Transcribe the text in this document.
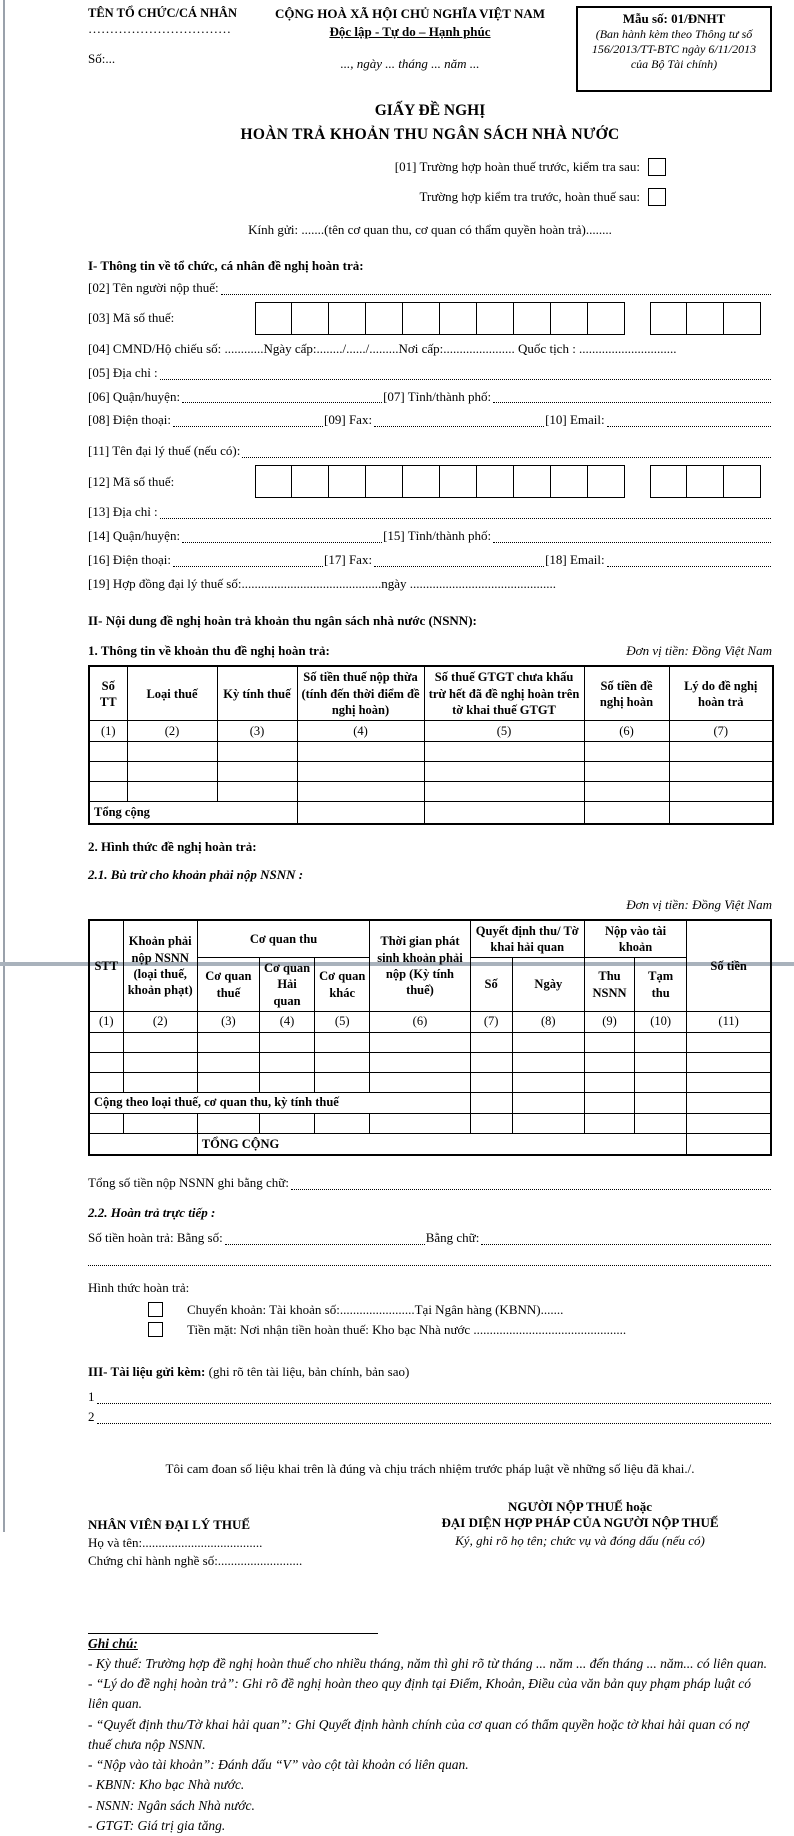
TÊN TỔ CHỨC/CÁ NHÂN
……………………………
Số:...
CỘNG HOÀ XÃ HỘI CHỦ NGHĨA VIỆT NAM
Độc lập - Tự do – Hạnh phúc
..., ngày ... tháng ... năm ...
Mẫu số: 01/ĐNHT
(Ban hành kèm theo Thông tư số 156/2013/TT-BTC ngày 6/11/2013 của Bộ Tài chính)
GIẤY ĐỀ NGHỊ
HOÀN TRẢ KHOẢN THU NGÂN SÁCH NHÀ NƯỚC
[01] Trường hợp hoàn thuế trước, kiểm tra sau:
Trường hợp kiểm tra trước, hoàn thuế sau:
Kính gửi: .......(tên cơ quan thu, cơ quan có thẩm quyền hoàn trả)........
I- Thông tin về tổ chức, cá nhân đề nghị hoàn trả:
[02] Tên người nộp thuế:
[03] Mã số thuế:
[04] CMND/Hộ chiếu số: ............Ngày cấp:......../....../.........Nơi cấp:...................... Quốc tịch : ..............................
[05] Địa chỉ :
[06] Quận/huyện:	[07] Tỉnh/thành phố:
[08] Điện thoại:	[09] Fax:	[10] Email:
[11] Tên đại lý thuế (nếu có):
[12] Mã số thuế:
[13] Địa chỉ :
[14] Quận/huyện:	[15] Tỉnh/thành phố:
[16] Điện thoại:	[17] Fax:	[18] Email:
[19] Hợp đồng đại lý thuế số:...........................................ngày .............................................
II- Nội dung đề nghị hoàn trả khoản thu ngân sách nhà nước (NSNN):
1. Thông tin về khoản thu đề nghị hoàn trả:	Đơn vị tiền: Đồng Việt Nam
Số TT	Loại thuế	Kỳ tính thuế	Số tiền thuế nộp thừa (tính đến thời điểm đề nghị hoàn)	Số thuế GTGT chưa khấu trừ hết đã đề nghị hoàn trên tờ khai thuế GTGT	Số tiền đề nghị hoàn	Lý do đề nghị hoàn trả
(1)	(2)	(3)	(4)	(5)	(6)	(7)

Tổng cộng						
2. Hình thức đề nghị hoàn trả:
2.1. Bù trừ cho khoản phải nộp NSNN :
Đơn vị tiền: Đồng Việt Nam
STT	Khoản phải nộp NSNN (loại thuế, khoản phạt)	Cơ quan thu			Thời gian phát sinh khoản phải nộp (Kỳ tính thuế)	Quyết định thu/ Tờ khai hải quan		Nộp vào tài khoản		Số tiền
		Cơ quan thuế	Cơ quan Hải quan	Cơ quan khác		Số	Ngày	Thu NSNN	Tạm thu	
(1)	(2)	(3)	(4)	(5)	(6)	(7)	(8)	(9)	(10)	(11)

Cộng theo loại thuế, cơ quan thu, kỳ tính thuế										

		TỔNG CỘNG								
Tổng số tiền nộp NSNN ghi bằng chữ:
2.2. Hoàn trả trực tiếp :
Số tiền hoàn trả: Bằng số:	Bằng chữ:
Hình thức hoàn trả:
Chuyển khoản: Tài khoản số:.......................Tại Ngân hàng (KBNN).......
Tiền mặt: Nơi nhận tiền hoàn thuế: Kho bạc Nhà nước ...............................................
III- Tài liệu gửi kèm: (ghi rõ tên tài liệu, bản chính, bản sao)
1
2
Tôi cam đoan số liệu khai trên là đúng và chịu trách nhiệm trước pháp luật về những số liệu đã khai./.
NHÂN VIÊN ĐẠI LÝ THUẾ
Họ và tên:.....................................
Chứng chỉ hành nghề số:..........................
NGƯỜI NỘP THUẾ hoặc
ĐẠI DIỆN HỢP PHÁP CỦA NGƯỜI NỘP THUẾ
Ký, ghi rõ họ tên; chức vụ và đóng dấu (nếu có)

Ghi chú:

- Kỳ thuế: Trường hợp đề nghị hoàn thuế cho nhiều tháng, năm thì ghi rõ từ tháng ... năm ... đến tháng ... năm... có liên quan.

- “Lý do đề nghị hoàn trả”: Ghi rõ đề nghị hoàn theo quy định tại Điểm, Khoản, Điều của văn bản quy phạm pháp luật có liên quan.

- “Quyết định thu/Tờ khai hải quan”: Ghi Quyết định hành chính của cơ quan có thẩm quyền hoặc tờ khai hải quan có nợ thuế chưa nộp NSNN.

- “Nộp vào tài khoản”: Đánh dấu “V” vào cột tài khoản có liên quan.

- KBNN: Kho bạc Nhà nước.

- NSNN: Ngân sách Nhà nước.

- GTGT: Giá trị gia tăng.
